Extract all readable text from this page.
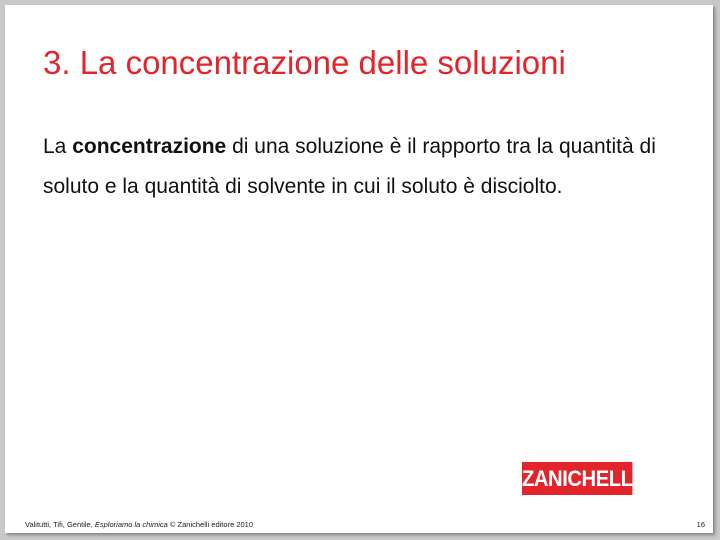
3. La concentrazione delle soluzioni

La concentrazione di una soluzione è il rapporto tra la quantità di soluto e la quantità di solvente in cui il soluto è disciolto.

ZANICHELLI
Valitutti, Tifi, Gentile, Esploriamo la chimica © Zanichelli editore 2010	16
